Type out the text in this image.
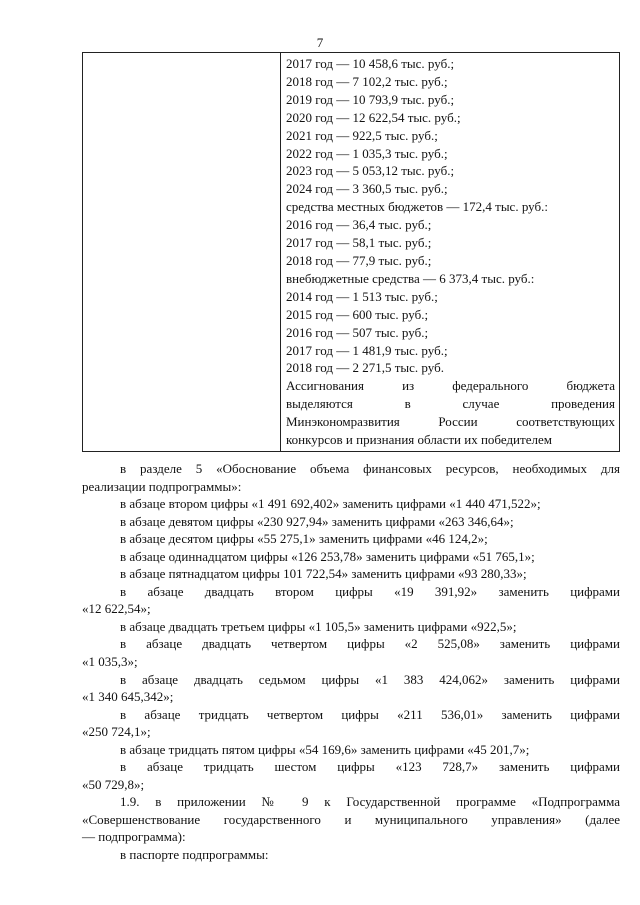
7

2017 год — 10 458,6 тыс. руб.;
2018 год — 7 102,2 тыс. руб.;
2019 год — 10 793,9 тыс. руб.;
2020 год — 12 622,54 тыс. руб.;
2021 год — 922,5 тыс. руб.;
2022 год — 1 035,3 тыс. руб.;
2023 год — 5 053,12 тыс. руб.;
2024 год — 3 360,5 тыс. руб.;
средства местных бюджетов — 172,4 тыс. руб.:
2016 год — 36,4 тыс. руб.;
2017 год — 58,1 тыс. руб.;
2018 год — 77,9 тыс. руб.;
внебюджетные средства — 6 373,4 тыс. руб.:
2014 год — 1 513 тыс. руб.;
2015 год — 600 тыс. руб.;
2016 год — 507 тыс. руб.;
2017 год — 1 481,9 тыс. руб.;
2018 год — 2 271,5 тыс. руб.
Ассигнования из федерального бюджета
выделяются в случае проведения
Минэкономразвития России соответствующих
конкурсов и признания области их победителем
в разделе 5 «Обоснование объема финансовых ресурсов, необходимых для
реализации подпрограммы»:
в абзаце втором цифры «1 491 692,402» заменить цифрами «1 440 471,522»;
в абзаце девятом цифры «230 927,94» заменить цифрами «263 346,64»;
в абзаце десятом цифры «55 275,1» заменить цифрами «46 124,2»;
в абзаце одиннадцатом цифры «126 253,78» заменить цифрами «51 765,1»;
в абзаце пятнадцатом цифры 101 722,54» заменить цифрами «93 280,33»;
в абзаце двадцать втором цифры «19 391,92» заменить цифрами
«12 622,54»;
в абзаце двадцать третьем цифры «1 105,5» заменить цифрами «922,5»;
в абзаце двадцать четвертом цифры «2 525,08» заменить цифрами
«1 035,3»;
в абзаце двадцать седьмом цифры «1 383 424,062» заменить цифрами
«1 340 645,342»;
в абзаце тридцать четвертом цифры «211 536,01» заменить цифрами
«250 724,1»;
в абзаце тридцать пятом цифры «54 169,6» заменить цифрами «45 201,7»;
в абзаце тридцать шестом цифры «123 728,7» заменить цифрами
«50 729,8»;
1.9. в приложении № 9 к Государственной программе «Подпрограмма
«Совершенствование государственного и муниципального управления» (далее
— подпрограмма):
в паспорте подпрограммы:
